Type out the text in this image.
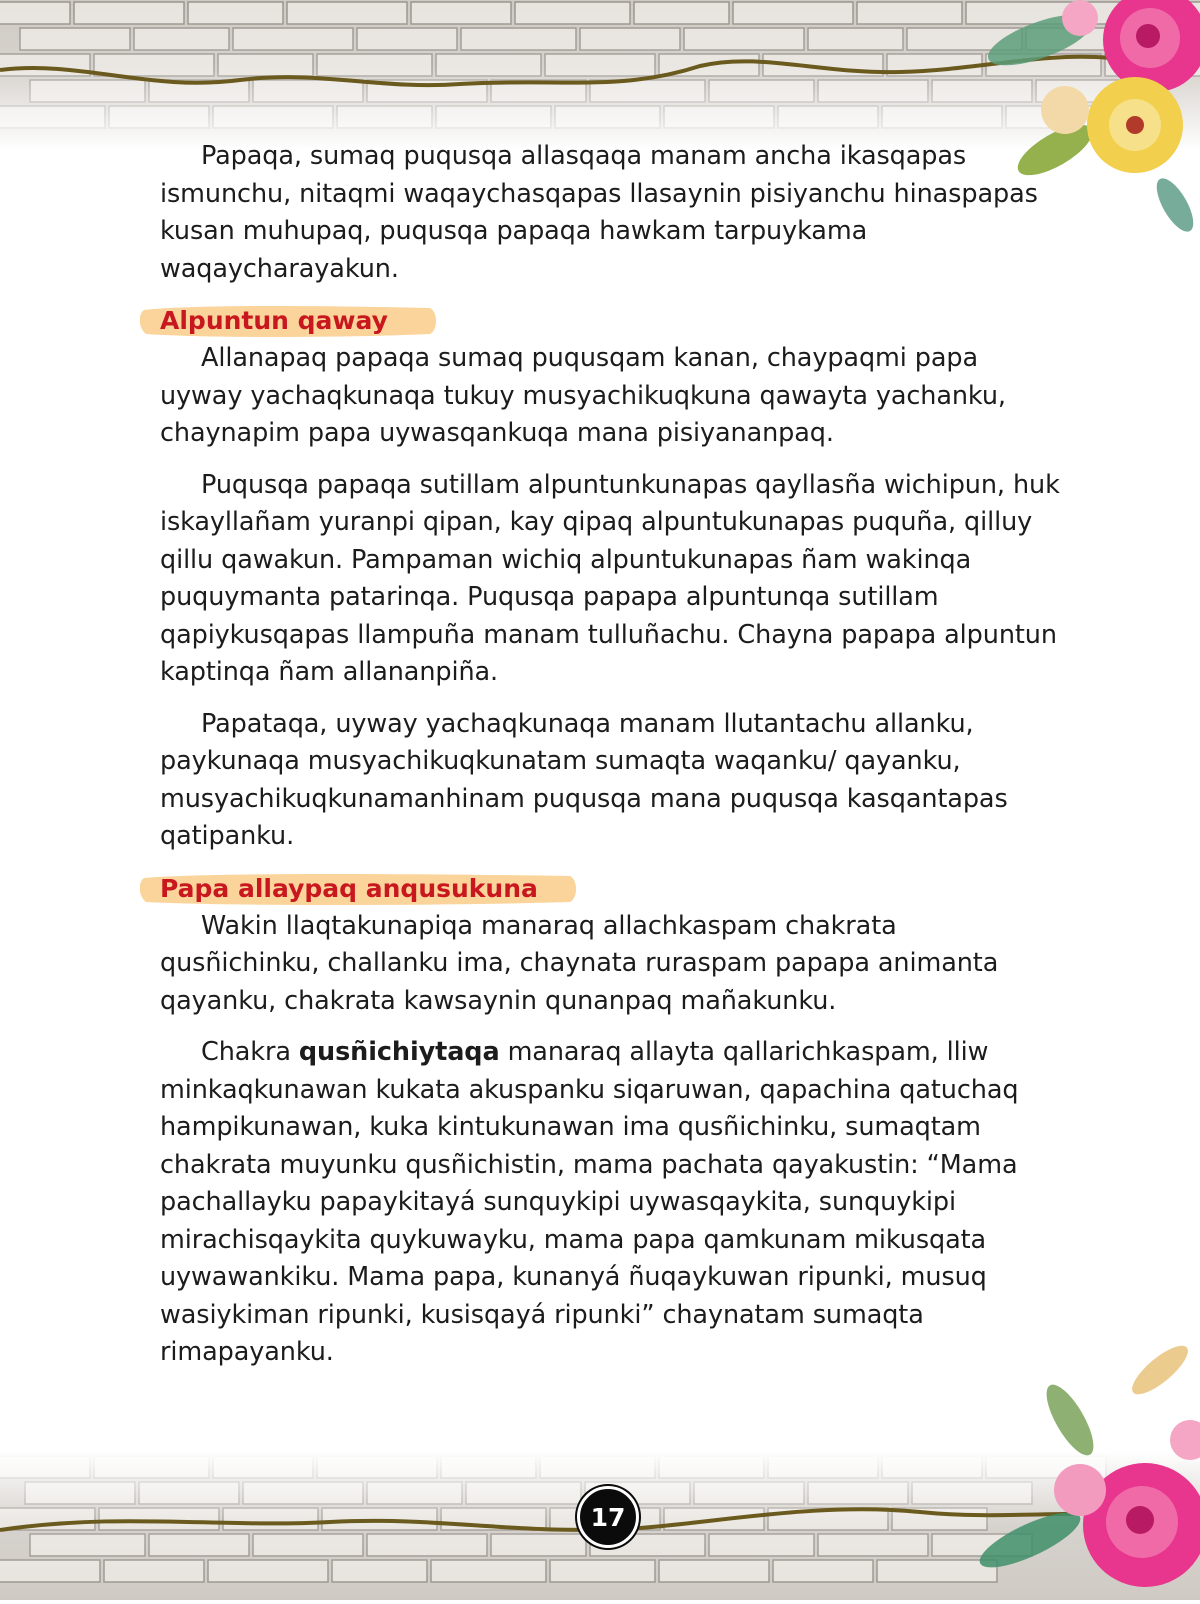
Papaqa, sumaq puqusqa allasqaqa manam ancha ikasqapas ismunchu, nitaqmi waqaychasqapas llasaynin pisiyanchu hinaspapas kusan muhupaq, puqusqa papaqa hawkam tarpuykama waqaycharayakun.

Alpuntun qaway

Allanapaq papaqa sumaq puqusqam kanan, chaypaqmi papa uyway yachaqkunaqa tukuy musyachikuqkuna qawayta yachanku, chaynapim papa uywasqankuqa mana pisiyananpaq.

Puqusqa papaqa sutillam alpuntunkunapas qayllasña wichipun, huk iskayllañam yuranpi qipan, kay qipaq alpuntukunapas puquña, qilluy qillu qawakun. Pampaman wichiq alpuntukunapas ñam wakinqa puquymanta patarinqa. Puqusqa papapa alpuntunqa sutillam qapiykusqapas llampuña manam tulluñachu. Chayna papapa alpuntun kaptinqa ñam allananpiña.

Papataqa, uyway yachaqkunaqa manam llutantachu allanku, paykunaqa musyachikuqkunatam sumaqta waqanku/ qayanku, musyachikuqkunamanhinam puqusqa mana puqusqa kasqantapas qatipanku.

Papa allaypaq anqusukuna

Wakin llaqtakunapiqa manaraq allachkaspam chakrata qusñichinku, challanku ima, chaynata ruraspam papapa animanta qayanku, chakrata kawsaynin qunanpaq mañakunku.

Chakra qusñichiytaqa manaraq allayta qallarichkaspam, lliw minkaqkunawan kukata akuspanku siqaruwan, qapachina qatuchaq hampikunawan, kuka kintukunawan ima qusñichinku, sumaqtam chakrata muyunku qusñichistin, mama pachata qayakustin: “Mama pachallayku papaykitayá sunquykipi uywasqaykita, sunquykipi mirachisqaykita quykuwayku, mama papa qamkunam mikusqata uywawankiku. Mama papa, kunanyá ñuqaykuwan ripunki, musuq wasiykiman ripunki, kusisqayá ripunki” chaynatam sumaqta rimapayanku.

17
